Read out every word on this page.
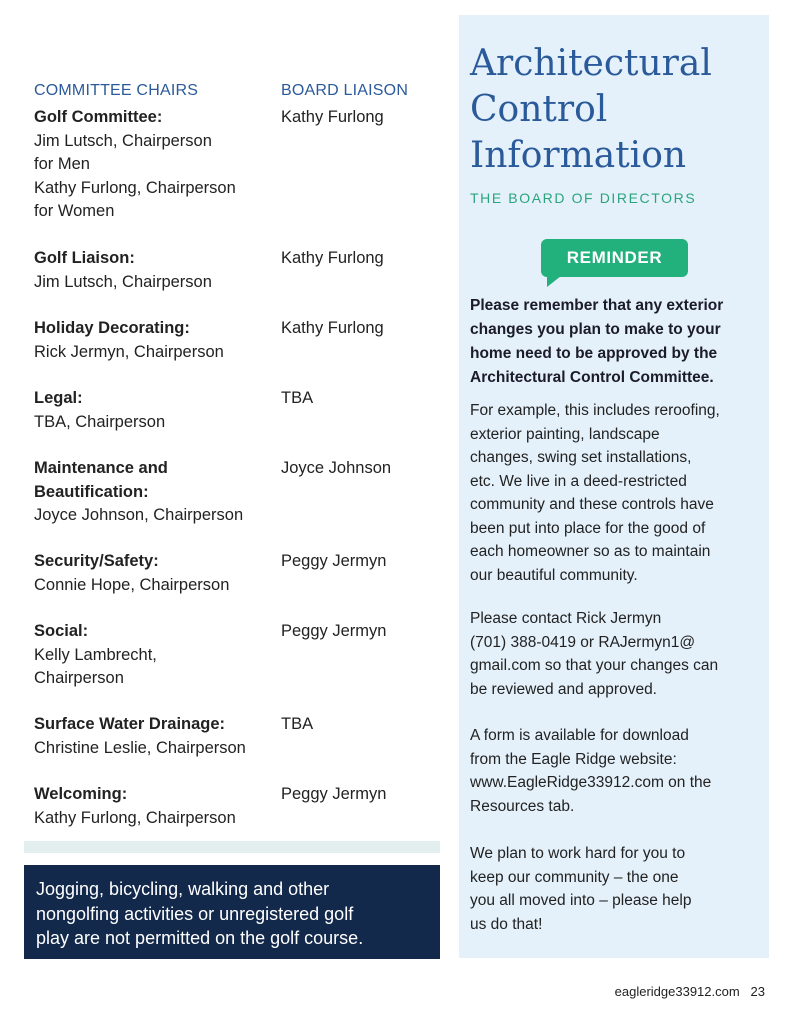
COMMITTEE CHAIRS	BOARD LIAISON
Golf Committee:
Jim Lutsch, Chairperson
for Men
Kathy Furlong, Chairperson
for Women
Kathy Furlong
Golf Liaison:
Jim Lutsch, Chairperson
Kathy Furlong
Holiday Decorating:
Rick Jermyn, Chairperson
Kathy Furlong
Legal:
TBA, Chairperson
TBA
Maintenance and
Beautification:
Joyce Johnson, Chairperson
Joyce Johnson
Security/Safety:
Connie Hope, Chairperson
Peggy Jermyn
Social:
Kelly Lambrecht,
Chairperson
Peggy Jermyn
Surface Water Drainage:
Christine Leslie, Chairperson
TBA
Welcoming:
Kathy Furlong, Chairperson
Peggy Jermyn
Jogging, bicycling, walking and other
nongolfing activities or unregistered golf
play are not permitted on the golf course.
Architectural
Control
Information
THE BOARD OF DIRECTORS
REMINDER
Please remember that any exterior changes you plan to make to your home need to be approved by the Architectural Control Committee.
For example, this includes reroofing,
exterior painting, landscape
changes, swing set installations,
etc. We live in a deed-restricted
community and these controls have
been put into place for the good of
each homeowner so as to maintain
our beautiful community.
Please contact Rick Jermyn
(701) 388-0419 or RAJermyn1@
gmail.com so that your changes can
be reviewed and approved.
A form is available for download
from the Eagle Ridge website:
www.EagleRidge33912.com on the
Resources tab.
We plan to work hard for you to
keep our community – the one
you all moved into – please help
us do that!
eagleridge33912.com 23
